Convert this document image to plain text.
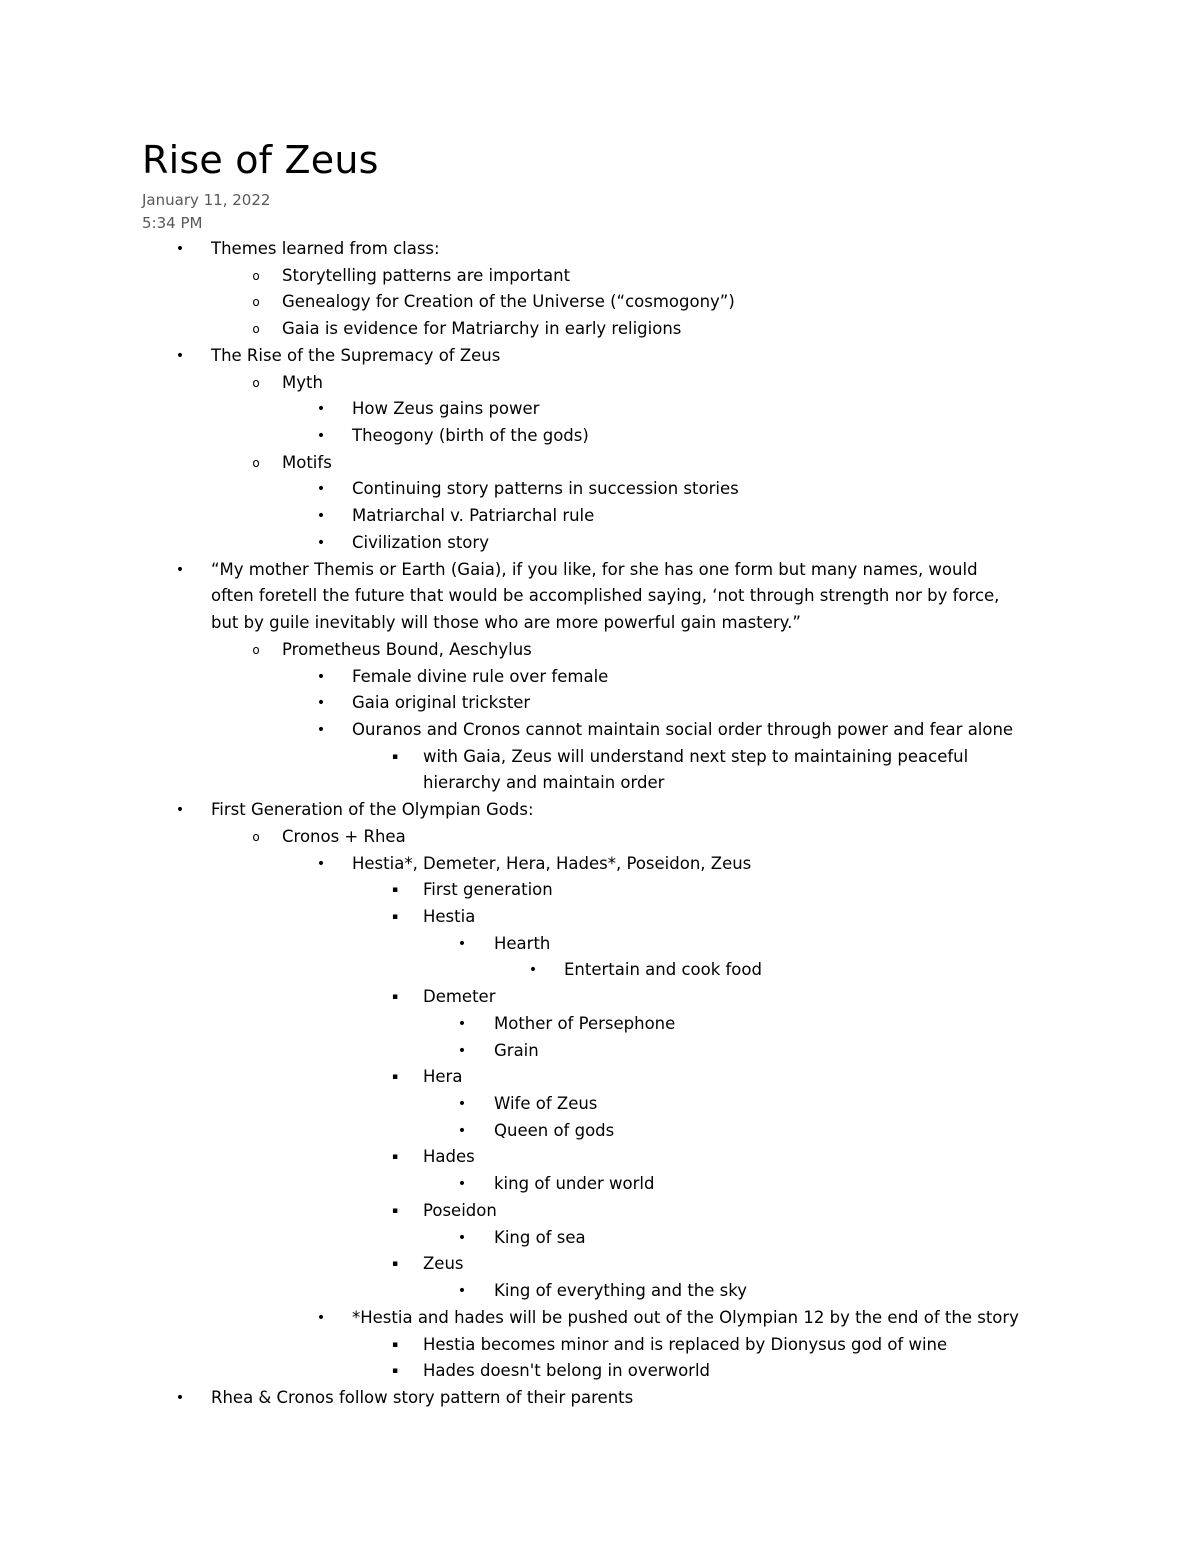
Rise of Zeus

January 11, 2022

5:34 PM

• Themes learned from class:
o Storytelling patterns are important
o Genealogy for Creation of the Universe (“cosmogony”)
o Gaia is evidence for Matriarchy in early religions
• The Rise of the Supremacy of Zeus
o Myth
• How Zeus gains power
• Theogony (birth of the gods)
o Motifs
• Continuing story patterns in succession stories
• Matriarchal v. Patriarchal rule
• Civilization story
• “My mother Themis or Earth (Gaia), if you like, for she has one form but many names, would
often foretell the future that would be accomplished saying, ‘not through strength nor by force,
but by guile inevitably will those who are more powerful gain mastery.”
o Prometheus Bound, Aeschylus
• Female divine rule over female
• Gaia original trickster
• Ouranos and Cronos cannot maintain social order through power and fear alone
▪ with Gaia, Zeus will understand next step to maintaining peaceful
hierarchy and maintain order
• First Generation of the Olympian Gods:
o Cronos + Rhea
• Hestia*, Demeter, Hera, Hades*, Poseidon, Zeus
▪ First generation
▪ Hestia
• Hearth
• Entertain and cook food
▪ Demeter
• Mother of Persephone
• Grain
▪ Hera
• Wife of Zeus
• Queen of gods
▪ Hades
• king of under world
▪ Poseidon
• King of sea
▪ Zeus
• King of everything and the sky
• *Hestia and hades will be pushed out of the Olympian 12 by the end of the story
▪ Hestia becomes minor and is replaced by Dionysus god of wine
▪ Hades doesn't belong in overworld
• Rhea & Cronos follow story pattern of their parents
